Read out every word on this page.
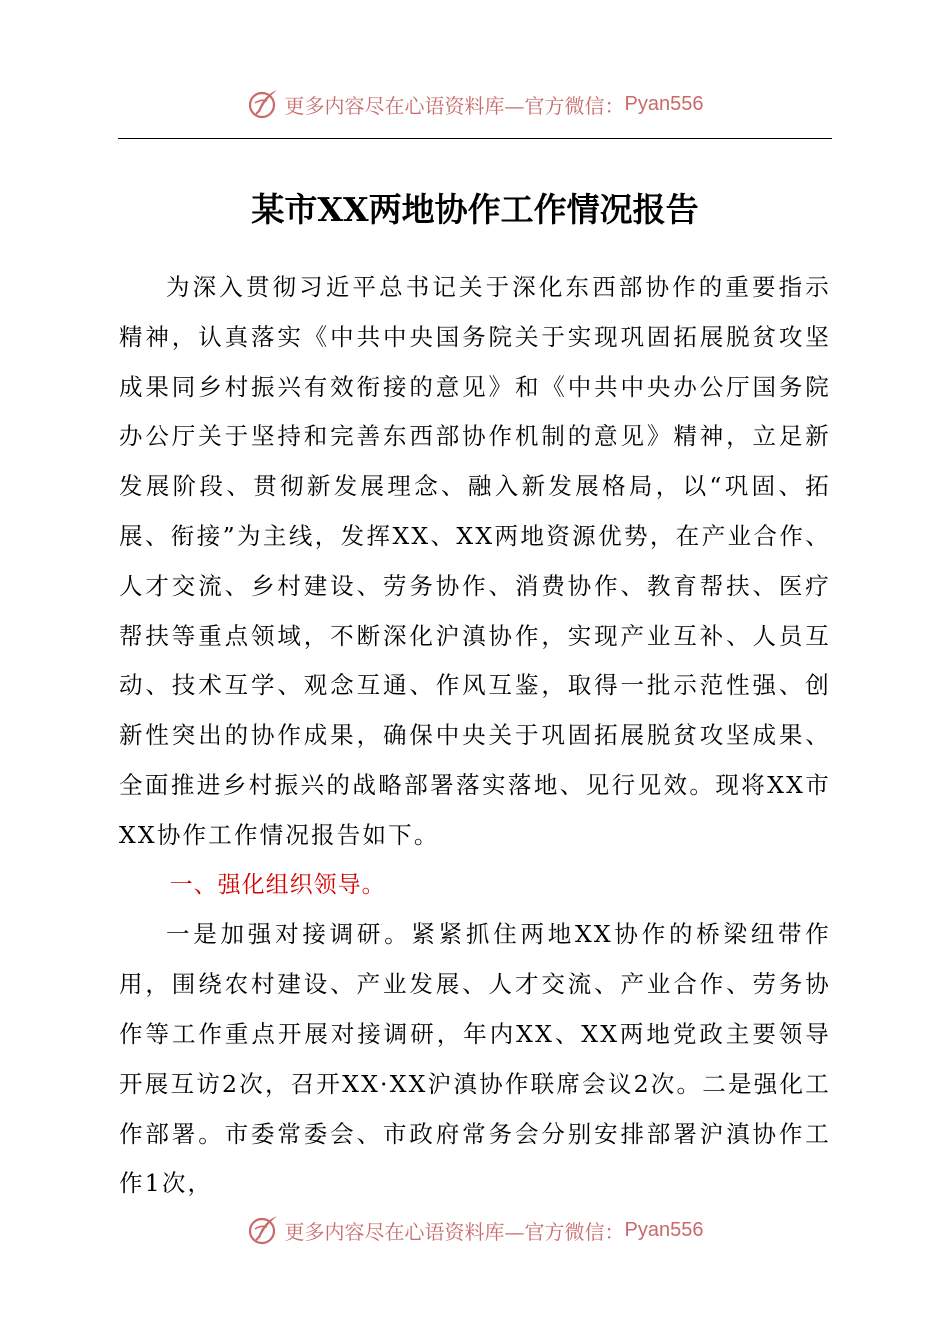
更多内容尽在心语资料库—官方微信： Pyan556
某市XX两地协作工作情况报告

为深入贯彻习近平总书记关于深化东西部协作的重要指示精神，认真落实《中共中央国务院关于实现巩固拓展脱贫攻坚成果同乡村振兴有效衔接的意见》和《中共中央办公厅国务院办公厅关于坚持和完善东西部协作机制的意见》精神，立足新发展阶段、贯彻新发展理念、融入新发展格局，以“巩固、拓展、衔接”为主线，发挥XX、XX两地资源优势，在产业合作、人才交流、乡村建设、劳务协作、消费协作、教育帮扶、医疗帮扶等重点领域，不断深化沪滇协作，实现产业互补、人员互动、技术互学、观念互通、作风互鉴，取得一批示范性强、创新性突出的协作成果，确保中央关于巩固拓展脱贫攻坚成果、全面推进乡村振兴的战略部署落实落地、见行见效。现将XX市XX协作工作情况报告如下。

一、强化组织领导。

一是加强对接调研。紧紧抓住两地XX协作的桥梁纽带作用，围绕农村建设、产业发展、人才交流、产业合作、劳务协作等工作重点开展对接调研，年内XX、XX两地党政主要领导开展互访2次，召开XX·XX沪滇协作联席会议2次。二是强化工作部署。市委常委会、市政府常务会分别安排部署沪滇协作工作1次，

更多内容尽在心语资料库—官方微信： Pyan556
